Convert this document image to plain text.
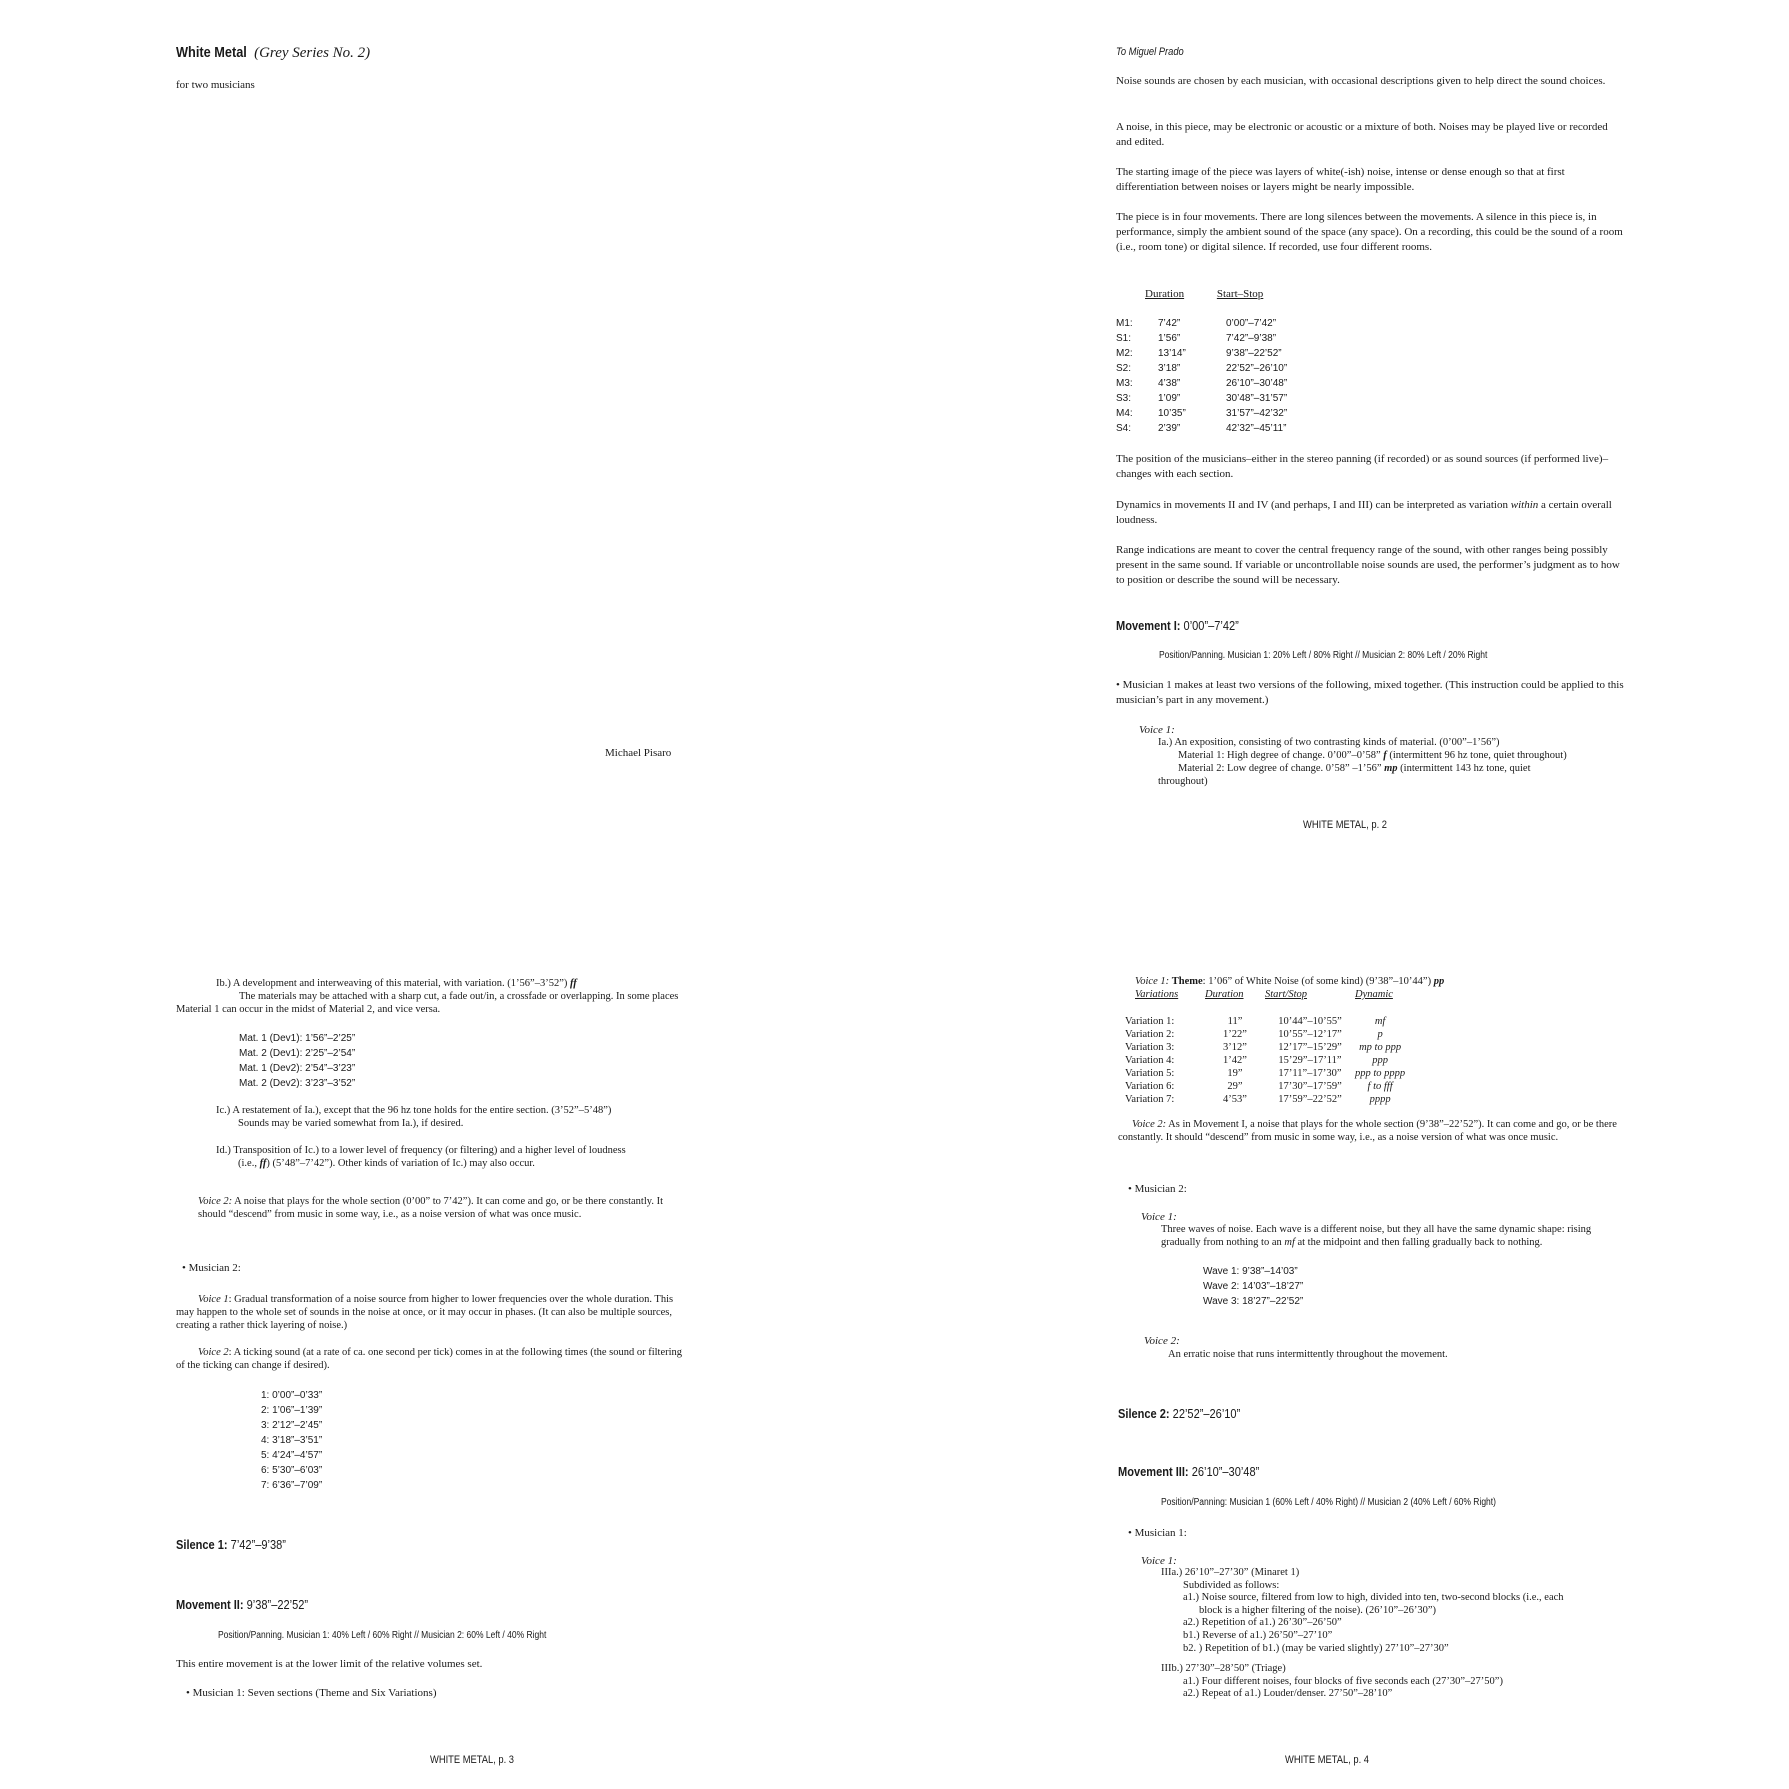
White Metal (Grey Series No. 2)
for two musicians
Michael Pisaro
To Miguel Prado
Noise sounds are chosen by each musician, with occasional descriptions given to help direct the sound choices.
A noise, in this piece, may be electronic or acoustic or a mixture of both. Noises may be played live or recorded and edited.
The starting image of the piece was layers of white(-ish) noise, intense or dense enough so that at first differentiation between noises or layers might be nearly impossible.
The piece is in four movements. There are long silences between the movements. A silence in this piece is, in performance, simply the ambient sound of the space (any space). On a recording, this could be the sound of a room (i.e., room tone) or digital silence. If recorded, use four different rooms.
Duration	Start–Stop
M1:	7’42”	0’00”–7’42”
S1:	1’56”	7’42”–9’38”
M2:	13’14”	9’38”–22’52”
S2:	3’18”	22’52”–26’10”
M3:	4’38”	26’10”–30’48”
S3:	1’09”	30’48”–31’57”
M4:	10’35”	31’57”–42’32”
S4:	2’39”	42’32”–45’11”
The position of the musicians–either in the stereo panning (if recorded) or as sound sources (if performed live)–changes with each section.
Dynamics in movements II and IV (and perhaps, I and III) can be interpreted as variation within a certain overall loudness.
Range indications are meant to cover the central frequency range of the sound, with other ranges being possibly present in the same sound. If variable or uncontrollable noise sounds are used, the performer’s judgment as to how to position or describe the sound will be necessary.
Movement I: 0’00”–7’42”
Position/Panning. Musician 1: 20% Left / 80% Right // Musician 2: 80% Left / 20% Right
• Musician 1 makes at least two versions of the following, mixed together. (This instruction could be applied to this musician’s part in any movement.)
Voice 1:
Ia.) An exposition, consisting of two contrasting kinds of material. (0’00”–1’56”)
Material 1: High degree of change. 0’00”–0’58” f (intermittent 96 hz tone, quiet throughout)
Material 2: Low degree of change. 0’58” –1’56” mp (intermittent 143 hz tone, quiet
throughout)
WHITE METAL, p. 2
Ib.) A development and interweaving of this material, with variation. (1’56”–3’52”) ff
The materials may be attached with a sharp cut, a fade out/in, a crossfade or overlapping. In some places Material 1 can occur in the midst of Material 2, and vice versa.
Mat. 1 (Dev1): 1’56”–2’25”
Mat. 2 (Dev1): 2’25”–2’54”
Mat. 1 (Dev2): 2’54”–3’23”
Mat. 2 (Dev2): 3’23”–3’52”
Ic.) A restatement of Ia.), except that the 96 hz tone holds for the entire section. (3’52”–5’48”)
Sounds may be varied somewhat from Ia.), if desired.
Id.) Transposition of Ic.) to a lower level of frequency (or filtering) and a higher level of loudness
(i.e., ff) (5’48”–7’42”). Other kinds of variation of Ic.) may also occur.
Voice 2: A noise that plays for the whole section (0’00” to 7’42”). It can come and go, or be there constantly. It should “descend” from music in some way, i.e., as a noise version of what was once music.
• Musician 2:
Voice 1: Gradual transformation of a noise source from higher to lower frequencies over the whole duration. This may happen to the whole set of sounds in the noise at once, or it may occur in phases. (It can also be multiple sources, creating a rather thick layering of noise.)
Voice 2: A ticking sound (at a rate of ca. one second per tick) comes in at the following times (the sound or filtering of the ticking can change if desired).
1: 0’00”–0’33”
2: 1’06”–1’39”
3: 2’12”–2’45”
4: 3’18”–3’51”
5: 4’24”–4’57”
6: 5’30”–6’03”
7: 6’36”–7’09”
Silence 1: 7’42”–9’38”
Movement II: 9’38”–22’52”
Position/Panning. Musician 1: 40% Left / 60% Right // Musician 2: 60% Left / 40% Right
This entire movement is at the lower limit of the relative volumes set.
• Musician 1: Seven sections (Theme and Six Variations)
WHITE METAL, p. 3
Voice 1: Theme: 1’06” of White Noise (of some kind) (9’38”–10’44”) pp
Variations	Duration	Start/Stop	Dynamic

Variation 1:	11”	10’44”–10’55”	mf
Variation 2:	1’22”	10’55”–12’17”	p
Variation 3:	3’12”	12’17”–15’29”	mp to ppp
Variation 4:	1’42”	15’29”–17’11”	ppp
Variation 5:	19”	17’11”–17’30”	ppp to pppp
Variation 6:	29”	17’30”–17’59”	f to fff
Variation 7:	4’53”	17’59”–22’52”	pppp
Voice 2: As in Movement I, a noise that plays for the whole section (9’38”–22’52”). It can come and go, or be there constantly. It should “descend” from music in some way, i.e., as a noise version of what was once music.
• Musician 2:
Voice 1:
Three waves of noise. Each wave is a different noise, but they all have the same dynamic shape: rising gradually from nothing to an mf at the midpoint and then falling gradually back to nothing.
Wave 1: 9’38”–14’03”
Wave 2: 14’03”–18’27”
Wave 3: 18’27”–22’52”
Voice 2:
An erratic noise that runs intermittently throughout the movement.
Silence 2: 22’52”–26’10”
Movement III: 26’10”–30’48”
Position/Panning: Musician 1 (60% Left / 40% Right) // Musician 2 (40% Left / 60% Right)
• Musician 1:
Voice 1:
IIIa.) 26’10”–27’30” (Minaret 1)
Subdivided as follows:
a1.) Noise source, filtered from low to high, divided into ten, two-second blocks (i.e., each
block is a higher filtering of the noise). (26’10”–26’30”)
a2.) Repetition of a1.) 26’30”–26’50”
b1.) Reverse of a1.) 26’50”–27’10”
b2. ) Repetition of b1.) (may be varied slightly) 27’10”–27’30”
IIIb.) 27’30”–28’50” (Triage)
a1.) Four different noises, four blocks of five seconds each (27’30”–27’50”)
a2.) Repeat of a1.) Louder/denser. 27’50”–28’10”
WHITE METAL, p. 4
